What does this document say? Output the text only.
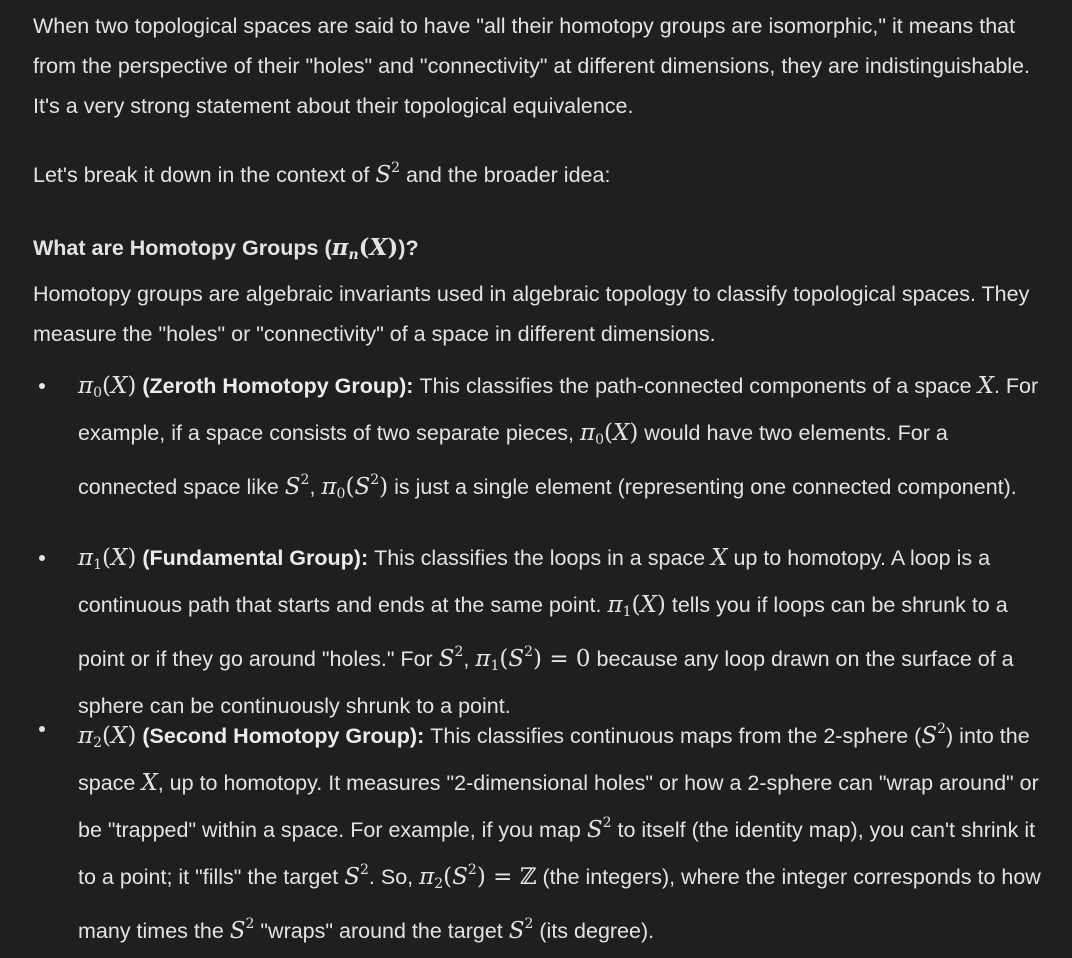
When two topological spaces are said to have "all their homotopy groups are isomorphic," it means that from the perspective of their "holes" and "connectivity" at different dimensions, they are indistinguishable. It's a very strong statement about their topological equivalence.
Let's break it down in the context of $S^2$ and the broader idea:
What are Homotopy Groups (πn(X))?
Homotopy groups are algebraic invariants used in algebraic topology to classify topological spaces. They measure the "holes" or "connectivity" of a space in different dimensions.
π0(X) (Zeroth Homotopy Group): This classifies the path-connected components of a space X. For example, if a space consists of two separate pieces, π0(X) would have two elements. For a connected space like $S^2$, $\pi 0(S^2)$ is just a single element (representing one connected component).
π1(X) (Fundamental Group): This classifies the loops in a space X up to homotopy. A loop is a continuous path that starts and ends at the same point. π1(X) tells you if loops can be shrunk to a point or if they go around "holes." For $S^2$, $\pi 1(S^2) = 0$ because any loop drawn on the surface of a sphere can be continuously shrunk to a point.
π2(X) (Second Homotopy Group): This classifies continuous maps from the 2-sphere $(S^2)$ into the space X, up to homotopy. It measures "2-dimensional holes" or how a 2-sphere can "wrap around" or be "trapped" within a space. For example, if you map $S^2$ to itself (the identity map), you can't shrink it to a point; it "fills" the target $S^2$. So, $\pi 2(S^2)$ = ℤ (the integers), where the integer corresponds to how many times the $S^2$ "wraps" around the target $S^2$ (its degree).
